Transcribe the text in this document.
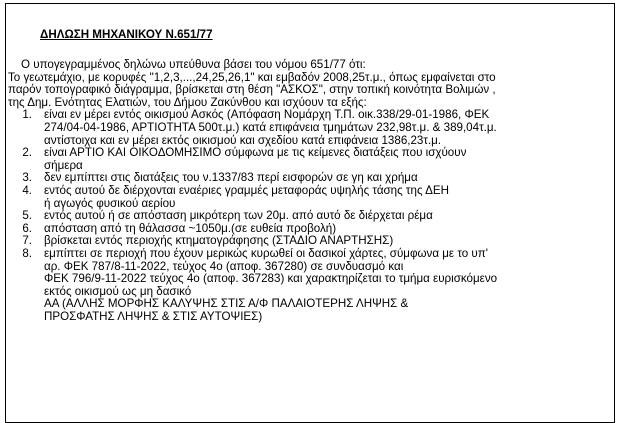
ΔΗΛΩΣΗ ΜΗΧΑΝΙΚΟΥ Ν.651/77
Ο υπογεγραμμένος δηλώνω υπεύθυνα βάσει του νόμου 651/77 ότι:
Το γεωτεμάχιο, με κορυφές "1,2,3,...,24,25,26,1" και εμβαδόν 2008,25τ.μ., όπως εμφαίνεται στο
παρόν τοπογραφικό διάγραμμα, βρίσκεται στη θέση "ΑΣΚΟΣ", στην τοπική κοινότητα Βολιμών ,
της Δημ. Ενότητας Ελατιών, του Δήμου Ζακύνθου και ισχύουν τα εξής:
1.	είναι εν μέρει εντός οικισμού Ασκός (Απόφαση Νομάρχη Τ.Π. οικ.338/29-01-1986, ΦΕΚ
274/04-04-1986, ΑΡΤΙΟΤΗΤΑ 500τ.μ.) κατά επιφάνεια τμημάτων 232,98τ.μ. & 389,04τ.μ.
αντίστοιχα και εν μέρει εκτός οικισμού και σχεδίου κατά επιφάνεια 1386,23τ.μ.
2.	είναι ΑΡΤΙΟ ΚΑΙ ΟΙΚΟΔΟΜΗΣΙΜΟ σύμφωνα με τις κείμενες διατάξεις που ισχύουν
σήμερα
3.	δεν εμπίπτει στις διατάξεις του ν.1337/83 περί εισφορών σε γη και χρήμα
4.	εντός αυτού δε διέρχονται εναέριες γραμμές μεταφοράς υψηλής τάσης της ΔΕΗ
ή αγωγός φυσικού αερίου
5.	εντός αυτού ή σε απόσταση μικρότερη των 20μ. από αυτό δε διέρχεται ρέμα
6.	απόσταση από τη θάλασσα ~1050μ.(σε ευθεία προβολή)
7.	βρίσκεται εντός περιοχής κτηματογράφησης (ΣΤΑΔΙΟ ΑΝΑΡΤΗΣΗΣ)
8.	εμπίπτει σε περιοχή που έχουν μερικώς κυρωθεί οι δασικοί χάρτες, σύμφωνα με το υπ'
αρ. ΦΕΚ 787/8-11-2022, τεύχος 4ο (αποφ. 367280) σε συνδυασμό και
ΦΕΚ 796/9-11-2022 τεύχος 4ο (αποφ. 367283) και χαρακτηρίζεται το τμήμα ευρισκόμενο
εκτός οικισμού ως μη δασικό
ΑΑ (ΑΛΛΗΣ ΜΟΡΦΗΣ ΚΑΛΥΨΗΣ ΣΤΙΣ Α/Φ ΠΑΛΑΙΟΤΕΡΗΣ ΛΗΨΗΣ &
ΠΡΟΣΦΑΤΗΣ ΛΗΨΗΣ & ΣΤΙΣ ΑΥΤΟΨΙΕΣ)
